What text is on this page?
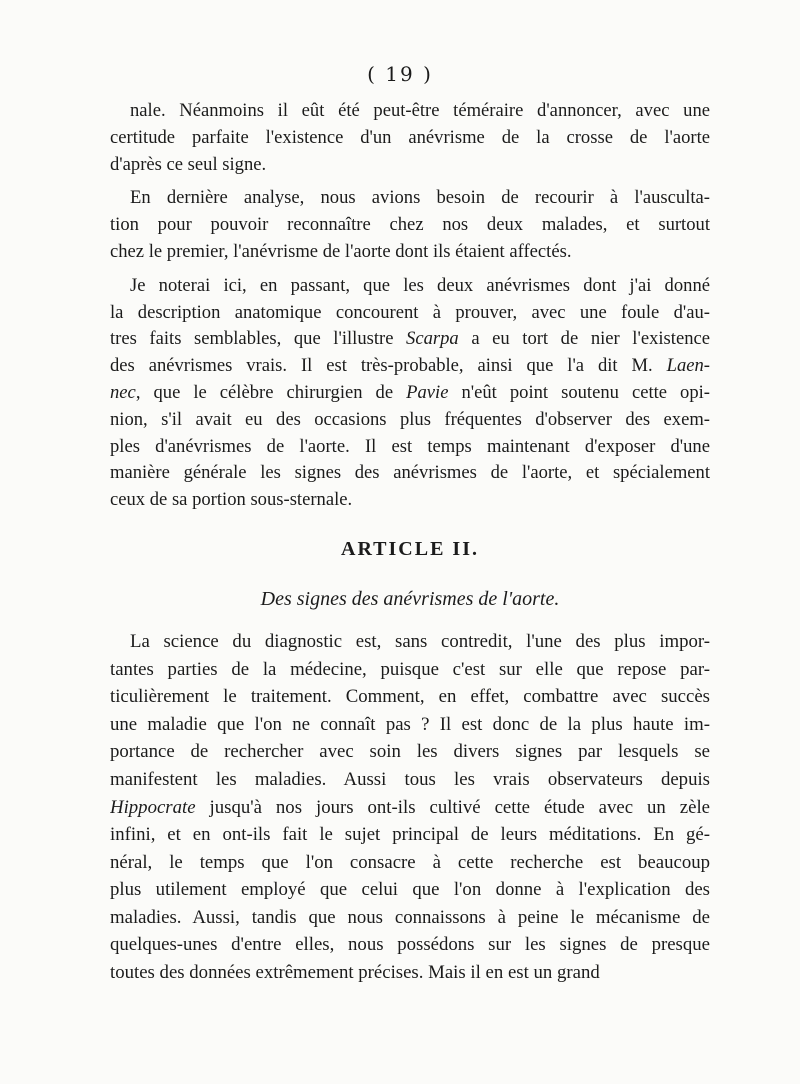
( 19 )
nale. Néanmoins il eût été peut-être téméraire d'annoncer, avec une
certitude parfaite l'existence d'un anévrisme de la crosse de l'aorte
d'après ce seul signe.
En dernière analyse, nous avions besoin de recourir à l'ausculta-
tion pour pouvoir reconnaître chez nos deux malades, et surtout
chez le premier, l'anévrisme de l'aorte dont ils étaient affectés.
Je noterai ici, en passant, que les deux anévrismes dont j'ai donné
la description anatomique concourent à prouver, avec une foule d'au-
tres faits semblables, que l'illustre Scarpa a eu tort de nier l'existence
des anévrismes vrais. Il est très-probable, ainsi que l'a dit M. Laen-
nec, que le célèbre chirurgien de Pavie n'eût point soutenu cette opi-
nion, s'il avait eu des occasions plus fréquentes d'observer des exem-
ples d'anévrismes de l'aorte. Il est temps maintenant d'exposer d'une
manière générale les signes des anévrismes de l'aorte, et spécialement
ceux de sa portion sous-sternale.
ARTICLE II.
Des signes des anévrismes de l'aorte.
La science du diagnostic est, sans contredit, l'une des plus impor-
tantes parties de la médecine, puisque c'est sur elle que repose par-
ticulièrement le traitement. Comment, en effet, combattre avec succès
une maladie que l'on ne connaît pas ? Il est donc de la plus haute im-
portance de rechercher avec soin les divers signes par lesquels se
manifestent les maladies. Aussi tous les vrais observateurs depuis
Hippocrate jusqu'à nos jours ont-ils cultivé cette étude avec un zèle
infini, et en ont-ils fait le sujet principal de leurs méditations. En gé-
néral, le temps que l'on consacre à cette recherche est beaucoup
plus utilement employé que celui que l'on donne à l'explication des
maladies. Aussi, tandis que nous connaissons à peine le mécanisme de
quelques-unes d'entre elles, nous possédons sur les signes de presque
toutes des données extrêmement précises. Mais il en est un grand
